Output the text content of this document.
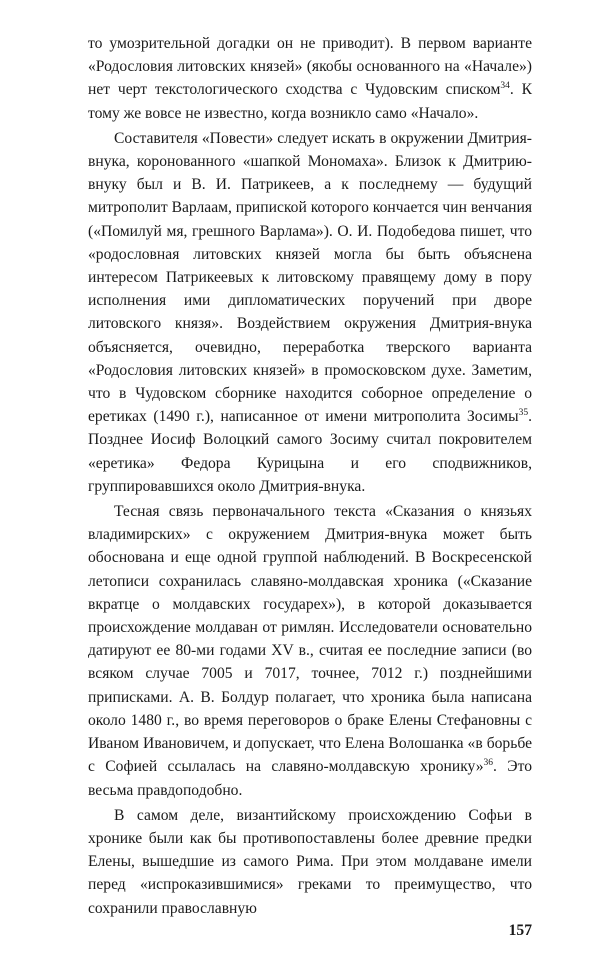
то умозрительной догадки он не приводит). В первом варианте «Родословия литовских князей» (якобы основанного на «Начале») нет черт текстологического сходства с Чудовским списком$^{34}$. К тому же вовсе не известно, когда возникло само «Начало».

Составителя «Повести» следует искать в окружении Дмитрия-внука, коронованного «шапкой Мономаха». Близок к Дмитрию-внуку был и В. И. Патрикеев, а к последнему — будущий митрополит Варлаам, припиской которого кончается чин венчания («Помилуй мя, грешного Варлама»). О. И. Подобедова пишет, что «родословная литовских князей могла бы быть объяснена интересом Патрикеевых к литовскому правящему дому в пору исполнения ими дипломатических поручений при дворе литовского князя». Воздействием окружения Дмитрия-внука объясняется, очевидно, переработка тверского варианта «Родословия литовских князей» в промосковском духе. Заметим, что в Чудовском сборнике находится соборное определение о еретиках (1490 г.), написанное от имени митрополита Зосимы$^{35}$. Позднее Иосиф Волоцкий самого Зосиму считал покровителем «еретика» Федора Курицына и его сподвижников, группировавшихся около Дмитрия-внука.

Тесная связь первоначального текста «Сказания о князьях владимирских» с окружением Дмитрия-внука может быть обоснована и еще одной группой наблюдений. В Воскресенской летописи сохранилась славяно-молдавская хроника («Сказание вкратце о молдавских государех»), в которой доказывается происхождение молдаван от римлян. Исследователи основательно датируют ее 80-ми годами XV в., считая ее последние записи (во всяком случае 7005 и 7017, точнее, 7012 г.) позднейшими приписками. А. В. Болдур полагает, что хроника была написана около 1480 г., во время переговоров о браке Елены Стефановны с Иваном Ивановичем, и допускает, что Елена Волошанка «в борьбе с Софией ссылалась на славяно-молдавскую хронику»$^{36}$. Это весьма правдоподобно.

В самом деле, византийскому происхождению Софьи в хронике были как бы противопоставлены более древние предки Елены, вышедшие из самого Рима. При этом молдаване имели перед «испроказившимися» греками то преимущество, что сохранили православную

157
